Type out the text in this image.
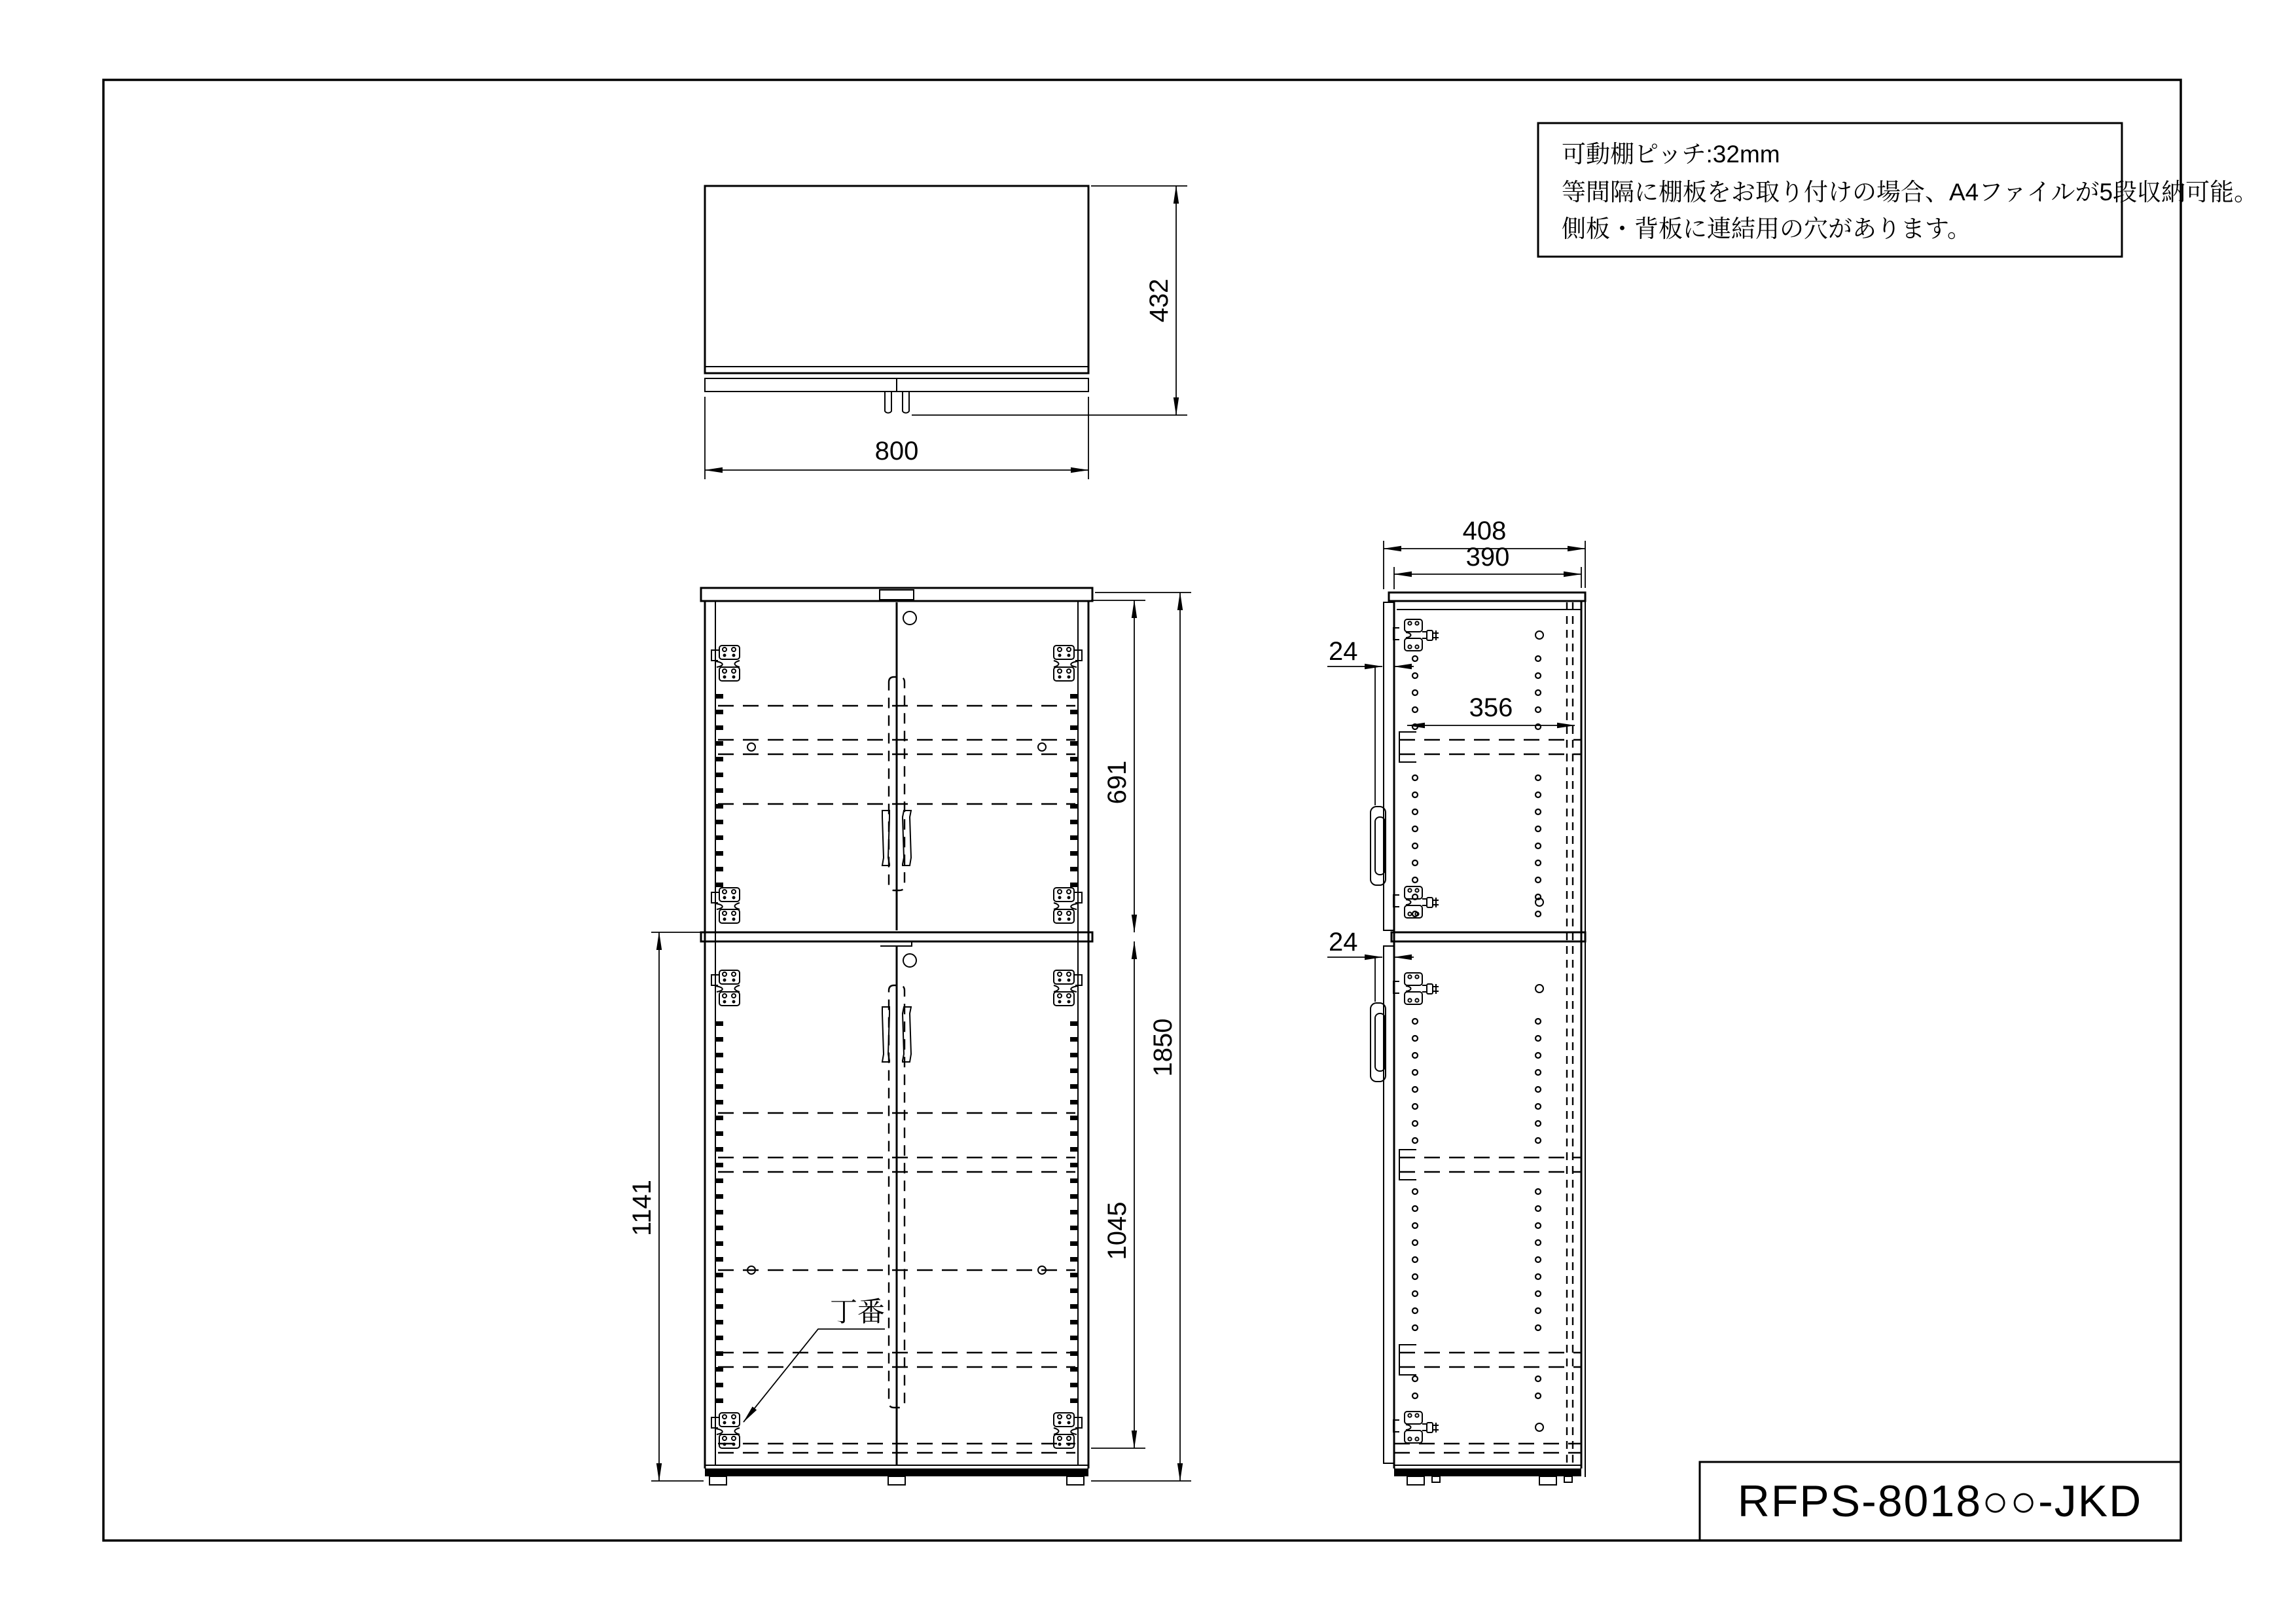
可動棚ピッチ:32mm
等間隔に棚板をお取り付けの場合、A4ファイルが5段収納可能。
側板・背板に連結用の穴があります。
RFPS-8018○○-JKD
800
432
丁番
691
1045
1850
1141
408
390
356
24
24
